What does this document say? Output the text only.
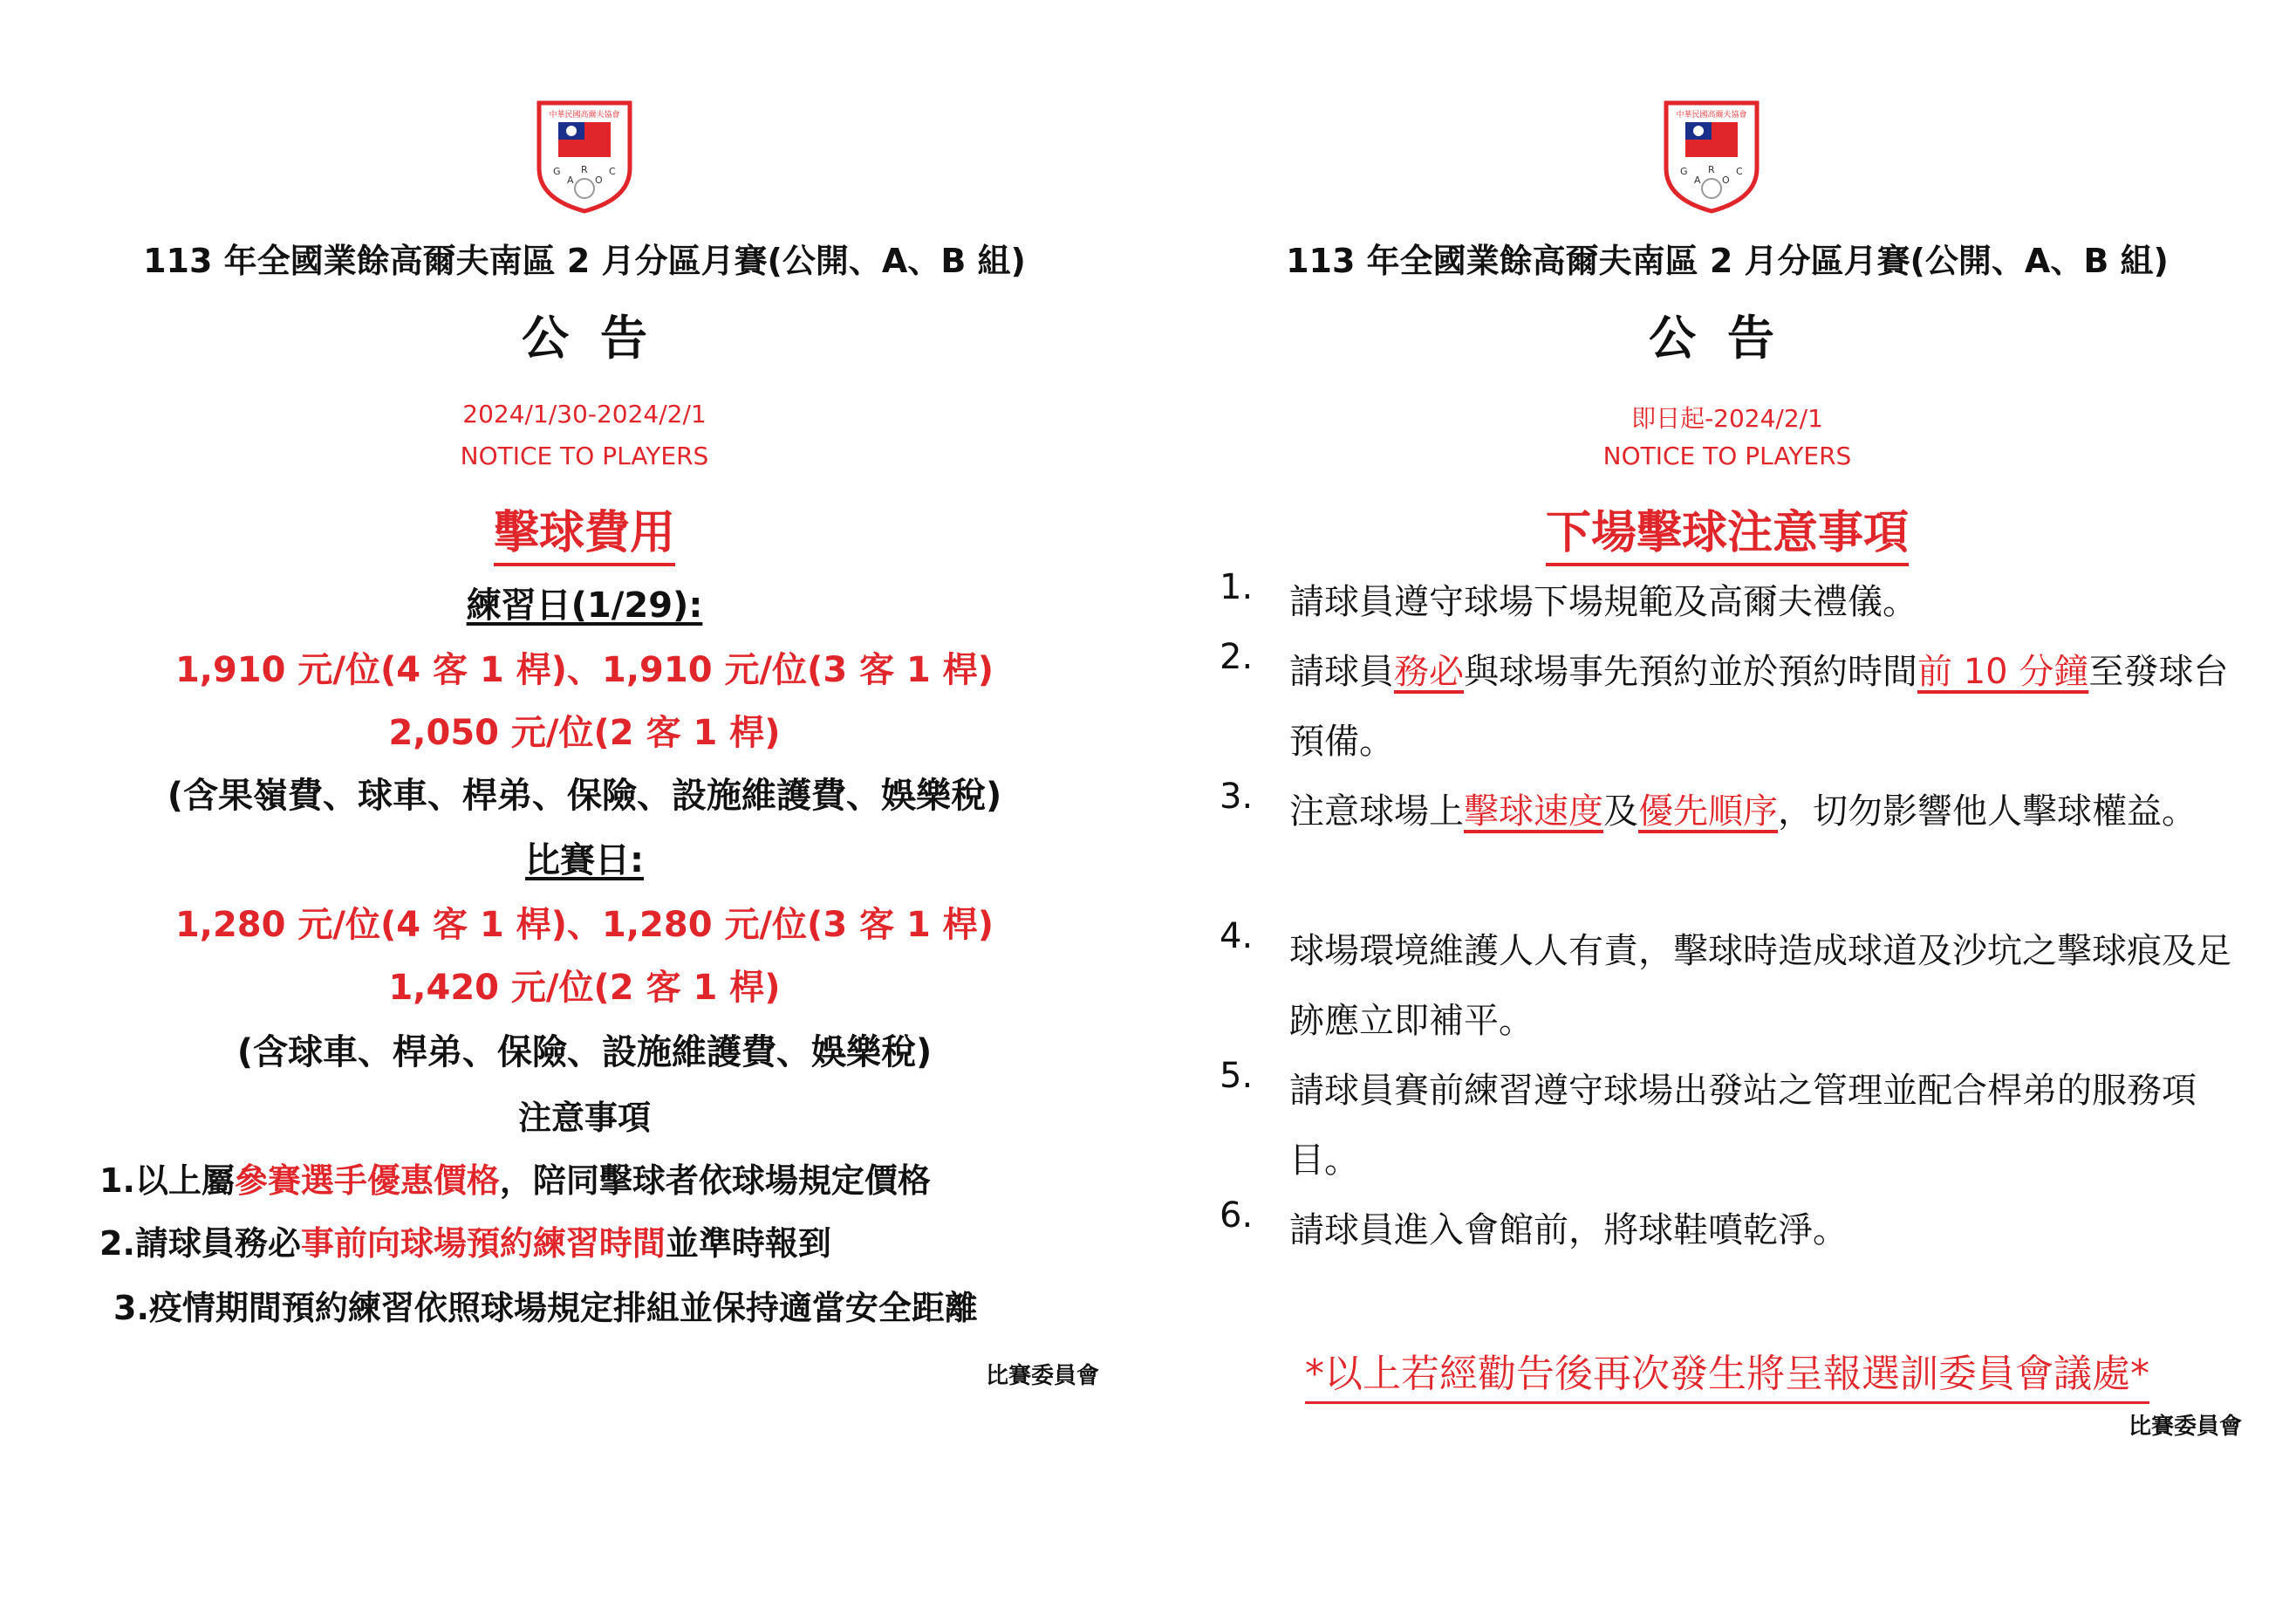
中華民國高爾夫協會
G
A
R
O
C
113 年全國業餘高爾夫南區 2 月分區月賽(公開、A、B 組)
公告
2024/1/30-2024/2/1
NOTICE TO PLAYERS
擊球費用
練習日(1/29):
1,910 元/位(4 客 1 桿)、1,910 元/位(3 客 1 桿)
2,050 元/位(2 客 1 桿)
(含果嶺費、球車、桿弟、保險、設施維護費、娛樂稅)
比賽日:
1,280 元/位(4 客 1 桿)、1,280 元/位(3 客 1 桿)
1,420 元/位(2 客 1 桿)
(含球車、桿弟、保險、設施維護費、娛樂稅)
注意事項
1.以上屬參賽選手優惠價格，陪同擊球者依球場規定價格
2.請球員務必事前向球場預約練習時間並準時報到
3.疫情期間預約練習依照球場規定排組並保持適當安全距離
比賽委員會
中華民國高爾夫協會
G
A
R
O
C
113 年全國業餘高爾夫南區 2 月分區月賽(公開、A、B 組)
公告
即日起-2024/2/1
NOTICE TO PLAYERS
下場擊球注意事項
1. 請球員遵守球場下場規範及高爾夫禮儀。
2. 請球員務必與球場事先預約並於預約時間前 10 分鐘至發球台預備。
3. 注意球場上擊球速度及優先順序，切勿影響他人擊球權益。
4. 球場環境維護人人有責，擊球時造成球道及沙坑之擊球痕及足跡應立即補平。
5. 請球員賽前練習遵守球場出發站之管理並配合桿弟的服務項目。
6. 請球員進入會館前，將球鞋噴乾淨。
*以上若經勸告後再次發生將呈報選訓委員會議處*
比賽委員會
